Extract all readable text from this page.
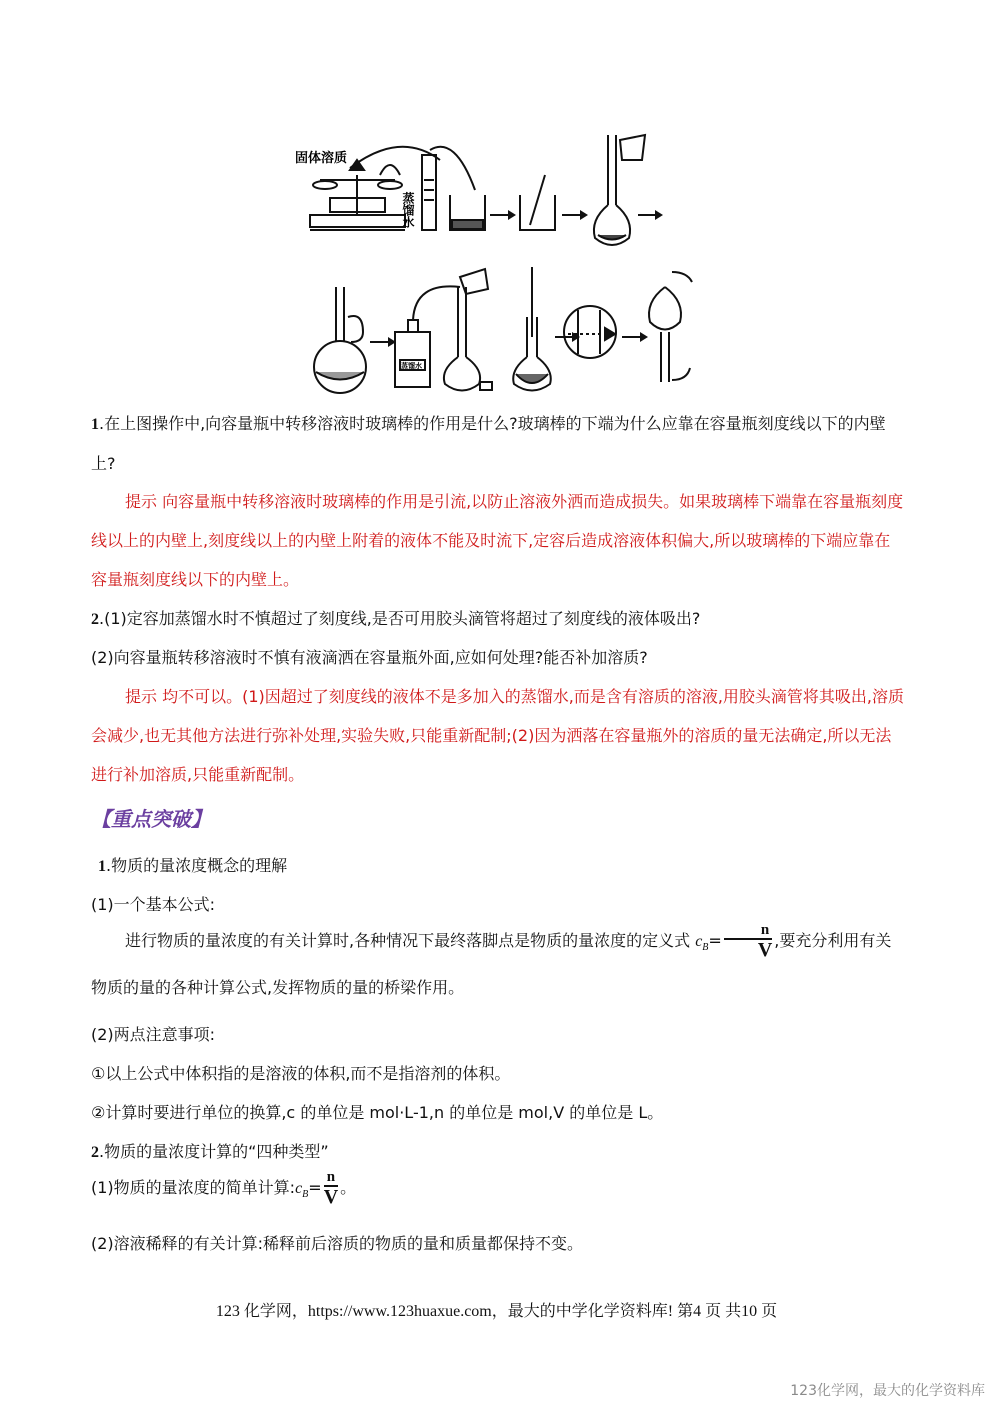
固体溶质
蒸馏水
蒸馏水

1.在上图操作中,向容量瓶中转移溶液时玻璃棒的作用是什么?玻璃棒的下端为什么应靠在容量瓶刻度线以下的内壁上?

提示 向容量瓶中转移溶液时玻璃棒的作用是引流,以防止溶液外洒而造成损失。如果玻璃棒下端靠在容量瓶刻度线以上的内壁上,刻度线以上的内壁上附着的液体不能及时流下,定容后造成溶液体积偏大,所以玻璃棒的下端应靠在容量瓶刻度线以下的内壁上。

2.(1)定容加蒸馏水时不慎超过了刻度线,是否可用胶头滴管将超过了刻度线的液体吸出?

(2)向容量瓶转移溶液时不慎有液滴洒在容量瓶外面,应如何处理?能否补加溶质?

提示 均不可以。(1)因超过了刻度线的液体不是多加入的蒸馏水,而是含有溶质的溶液,用胶头滴管将其吸出,溶质会减少,也无其他方法进行弥补处理,实验失败,只能重新配制;(2)因为洒落在容量瓶外的溶质的量无法确定,所以无法进行补加溶质,只能重新配制。

【重点突破】

1.物质的量浓度概念的理解

(1)一个基本公式:

进行物质的量浓度的有关计算时,各种情况下最终落脚点是物质的量浓度的定义式 $c_B= \frac{n}{V}$ ,要充分利用有关物质的量的各种计算公式,发挥物质的量的桥梁作用。

(2)两点注意事项:

①以上公式中体积指的是溶液的体积,而不是指溶剂的体积。

②计算时要进行单位的换算,c 的单位是 mol·L-1,n 的单位是 mol,V 的单位是 L。

2.物质的量浓度计算的“四种类型”

(1)物质的量浓度的简单计算$:c_B= \frac{n}{V}$ 。

(2)溶液稀释的有关计算:稀释前后溶质的物质的量和质量都保持不变。

123 化学网，https://www.123huaxue.com，最大的中学化学资料库! 第4 页 共10 页
123化学网，最大的化学资料库
